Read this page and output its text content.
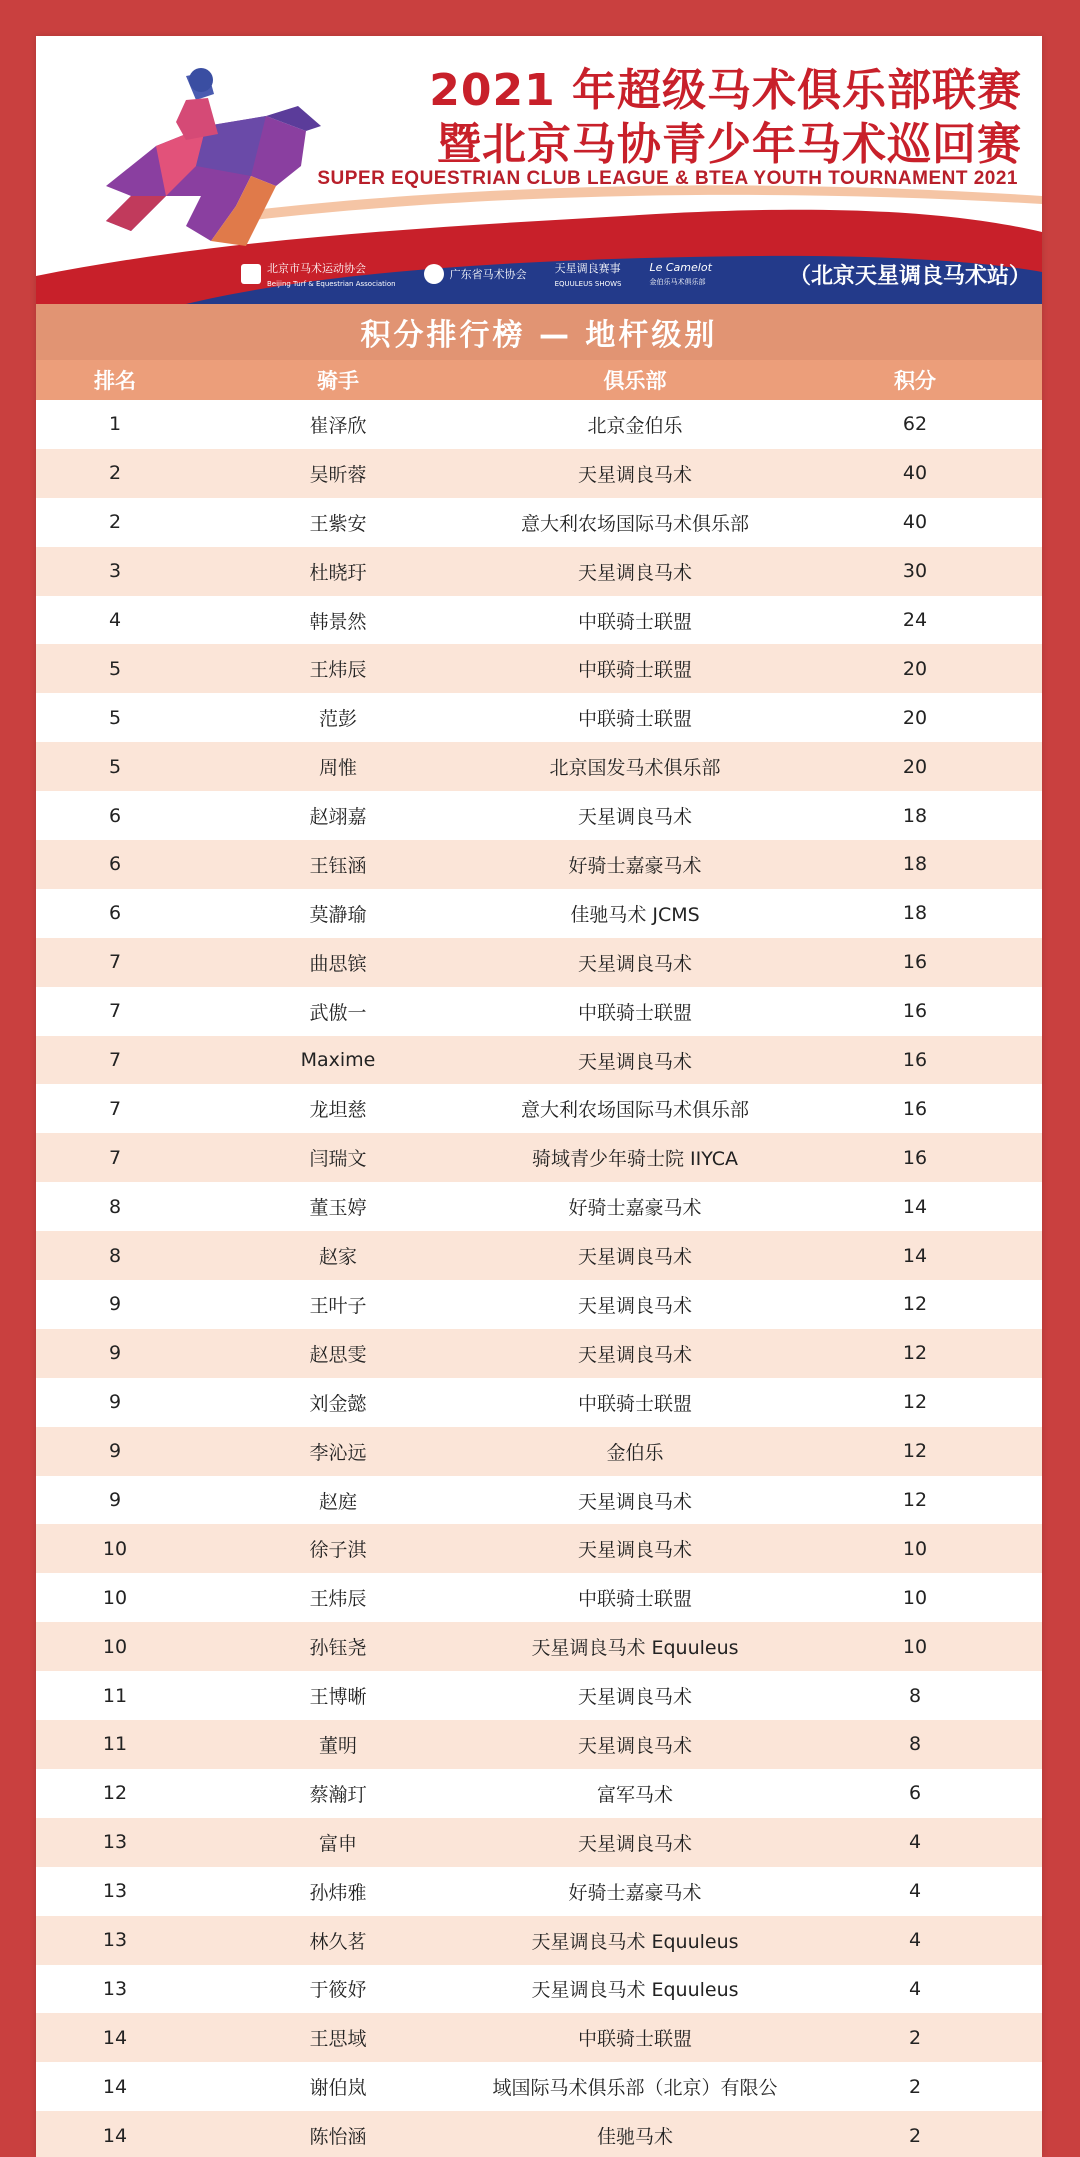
2021 年超级马术俱乐部联赛
暨北京马协青少年马术巡回赛
SUPER EQUESTRIAN CLUB LEAGUE & BTEA YOUTH TOURNAMENT 2021
北京市马术运动协会
Beijing Turf & Equestrian Association
广东省马术协会	天星调良赛事
EQUULEUS SHOWS
Le Camelot
金伯乐马术俱乐部	（北京天星调良马术站）
积分排行榜 — 地杆级别
排名	骑手	俱乐部	积分
1	崔泽欣	北京金伯乐	62
2	吴昕蓉	天星调良马术	40
2	王紫安	意大利农场国际马术俱乐部	40
3	杜晓玗	天星调良马术	30
4	韩景然	中联骑士联盟	24
5	王炜辰	中联骑士联盟	20
5	范彭	中联骑士联盟	20
5	周惟	北京国发马术俱乐部	20
6	赵翊嘉	天星调良马术	18
6	王钰涵	好骑士嘉豪马术	18
6	莫瀞瑜	佳驰马术 JCMS	18
7	曲思镔	天星调良马术	16
7	武傲一	中联骑士联盟	16
7	Maxime	天星调良马术	16
7	龙坦慈	意大利农场国际马术俱乐部	16
7	闫瑞文	骑域青少年骑士院 IIYCA	16
8	董玉婷	好骑士嘉豪马术	14
8	赵家	天星调良马术	14
9	王叶子	天星调良马术	12
9	赵思雯	天星调良马术	12
9	刘金懿	中联骑士联盟	12
9	李沁远	金伯乐	12
9	赵庭	天星调良马术	12
10	徐子淇	天星调良马术	10
10	王炜辰	中联骑士联盟	10
10	孙钰尧	天星调良马术 Equuleus	10
11	王博晰	天星调良马术	8
11	董明	天星调良马术	8
12	蔡瀚玎	富军马术	6
13	富申	天星调良马术	4
13	孙炜雅	好骑士嘉豪马术	4
13	林久茗	天星调良马术 Equuleus	4
13	于筱妤	天星调良马术 Equuleus	4
14	王思域	中联骑士联盟	2
14	谢伯岚	域国际马术俱乐部（北京）有限公	2
14	陈怡涵	佳驰马术	2
